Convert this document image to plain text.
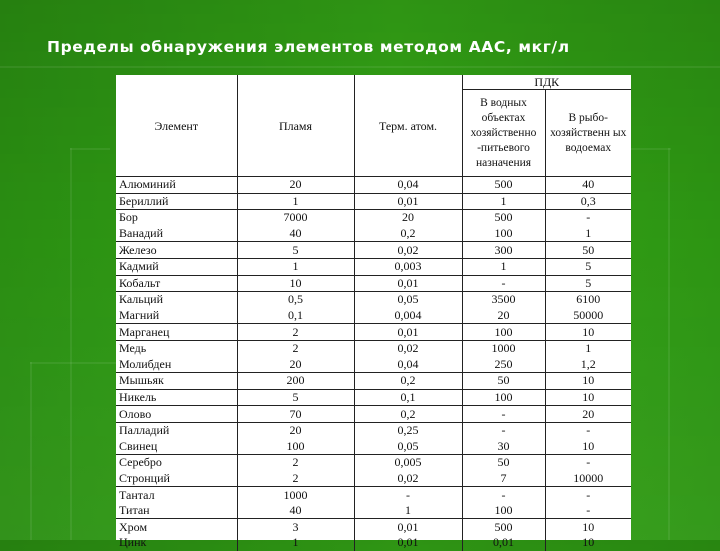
Пределы обнаружения элементов методом ААС, мкг/л
Элемент	Пламя	Терм. атом.	ПДК	
			В водных объектах хозяйственно -питьевого назначения	В рыбо-хозяйственн ых водоемах
Алюминий	20	0,04	500	40
Бериллий	1	0,01	1	0,3
Бор	7000	20	500	-
Ванадий	40	0,2	100	1
Железо	5	0,02	300	50
Кадмий	1	0,003	1	5
Кобальт	10	0,01	-	5
Кальций	0,5	0,05	3500	6100
Магний	0,1	0,004	20	50000
Марганец	2	0,01	100	10
Медь	2	0,02	1000	1
Молибден	20	0,04	250	1,2
Мышьяк	200	0,2	50	10
Никель	5	0,1	100	10
Олово	70	0,2	-	20
Палладий	20	0,25	-	-
Свинец	100	0,05	30	10
Серебро	2	0,005	50	-
Стронций	2	0,02	7	10000
Тантал	1000	-	-	-
Титан	40	1	100	-
Хром	3	0,01	500	10
Цинк	1	0,01	0,01	10
